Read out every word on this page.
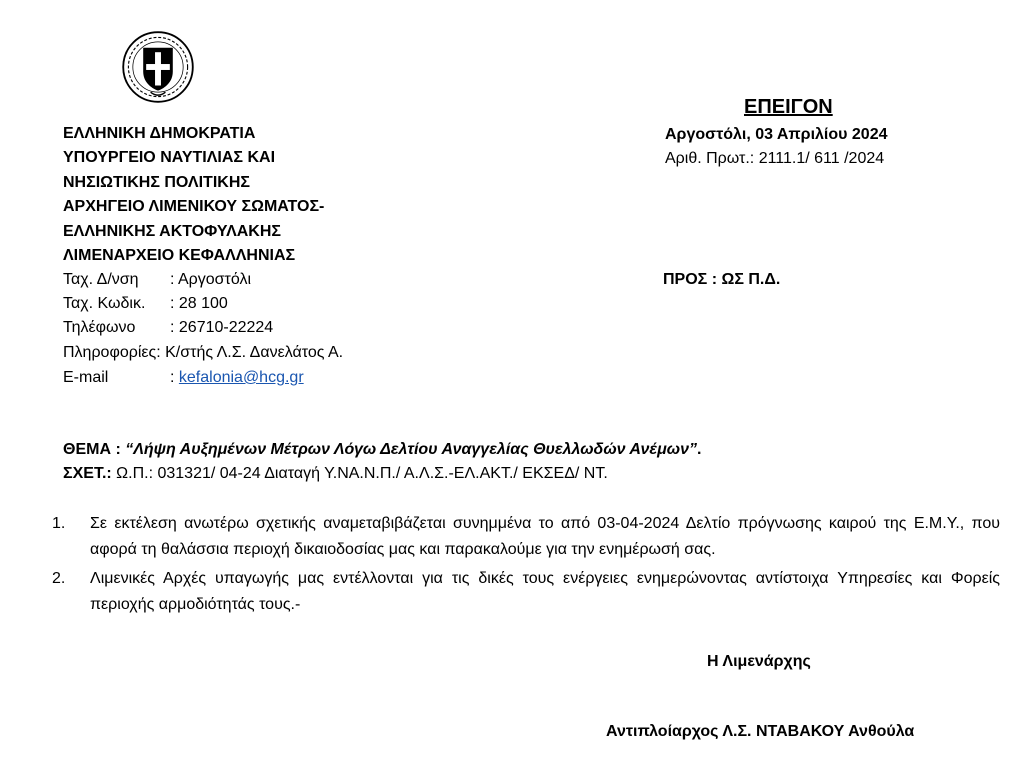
ΕΠΕΙΓΟΝ
ΕΛΛΗΝΙΚΗ ΔΗΜΟΚΡΑΤΙΑ
ΥΠΟΥΡΓΕΙΟ ΝΑΥΤΙΛΙΑΣ ΚΑΙ
ΝΗΣΙΩΤΙΚΗΣ ΠΟΛΙΤΙΚΗΣ
ΑΡΧΗΓΕΙΟ ΛΙΜΕΝΙΚΟΥ ΣΩΜΑΤΟΣ-
ΕΛΛΗΝΙΚΗΣ ΑΚΤΟΦΥΛΑΚΗΣ
ΛΙΜΕΝΑΡΧΕΙΟ ΚΕΦΑΛΛΗΝΙΑΣ
Ταχ. Δ/νση : Αργοστόλι
Ταχ. Κωδικ. : 28 100
Τηλέφωνο : 26710-22224
Πληροφορίες: Κ/στής Λ.Σ. Δανελάτος Α.
E-mail	: kefalonia@hcg.gr
Αργοστόλι, 03 Απριλίου 2024
Αριθ. Πρωτ.: 2111.1/ 611 /2024
ΠΡΟΣ : ΩΣ Π.Δ.
ΘΕΜΑ : “Λήψη Αυξημένων Μέτρων Λόγω Δελτίου Αναγγελίας Θυελλωδών Ανέμων”.
ΣΧΕΤ.: Ω.Π.: 031321/ 04-24 Διαταγή Υ.ΝΑ.Ν.Π./ Α.Λ.Σ.-ΕΛ.ΑΚΤ./ ΕΚΣΕΔ/ ΝΤ.
1.	Σε εκτέλεση ανωτέρω σχετικής αναμεταβιβάζεται συνημμένα το από 03-04-2024 Δελτίο πρόγνωσης καιρού της Ε.Μ.Υ., που αφορά τη θαλάσσια περιοχή δικαιοδοσίας μας και παρακαλούμε για την ενημέρωσή σας.
2.	Λιμενικές Αρχές υπαγωγής μας εντέλλονται για τις δικές τους ενέργειες ενημερώνοντας αντίστοιχα Υπηρεσίες και Φορείς περιοχής αρμοδιότητάς τους.-
Η Λιμενάρχης
Αντιπλοίαρχος Λ.Σ. ΝΤΑΒΑΚΟΥ Ανθούλα
